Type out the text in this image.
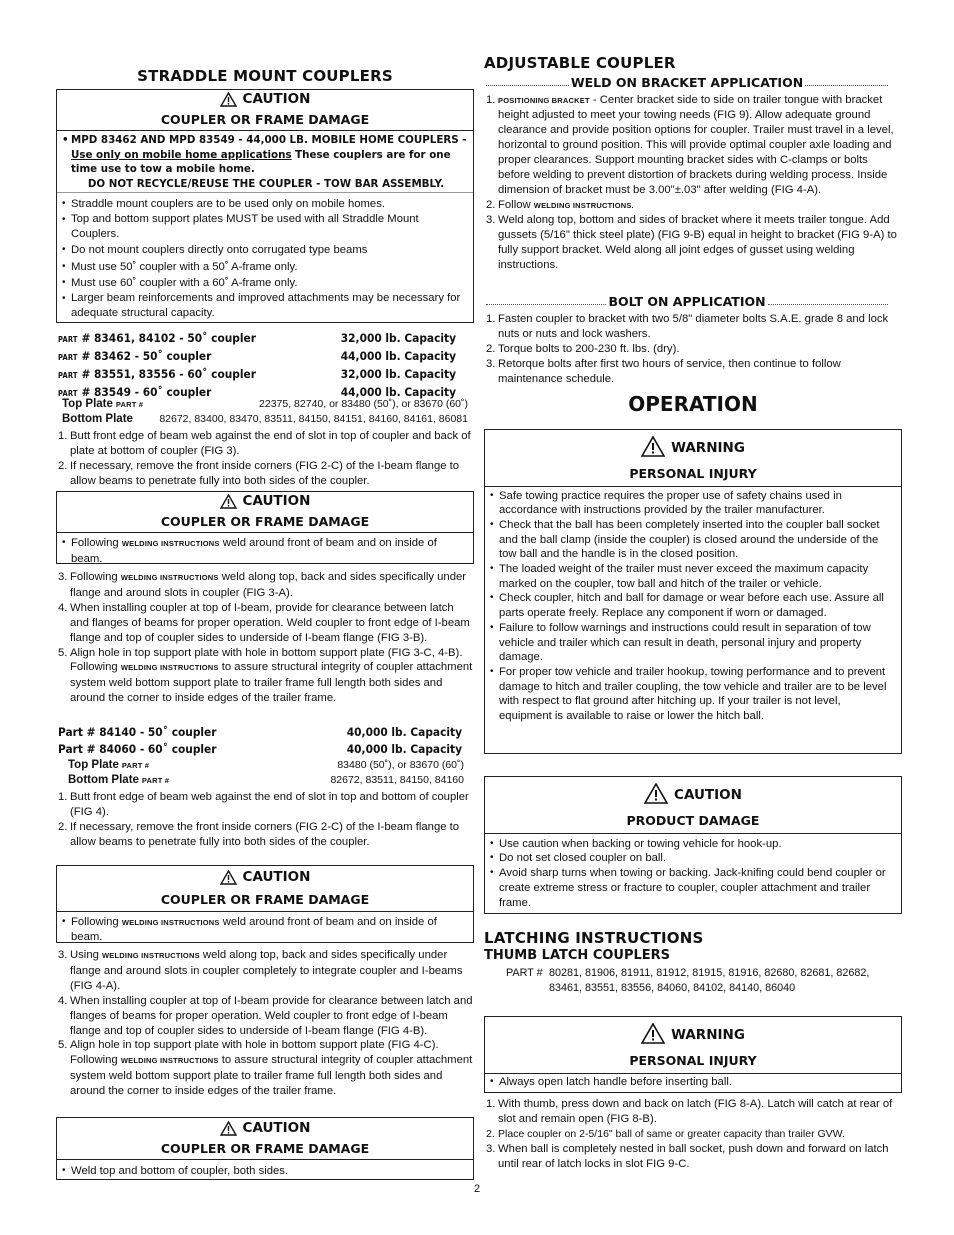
STRADDLE MOUNT COUPLERS
CAUTION

COUPLER OR FRAME DAMAGE
• MPD 83462 AND MPD 83549 - 44,000 LB. MOBILE HOME COUPLERS -
Use only on mobile home applications These couplers are for one time use to tow a mobile home.
DO NOT RECYCLE/REUSE THE COUPLER - TOW BAR ASSEMBLY.
• Straddle mount couplers are to be used only on mobile homes.
• Top and bottom support plates MUST be used with all Straddle Mount Couplers.
• Do not mount couplers directly onto corrugated type beams
• Must use 50˚ coupler with a 50˚ A-frame only.
• Must use 60˚ coupler with a 60˚ A-frame only.
• Larger beam reinforcements and improved attachments may be necessary for adequate structural capacity.
PART # 83461, 84102 - 50˚ coupler	32,000 lb. Capacity
PART # 83462 - 50˚ coupler	44,000 lb. Capacity
PART # 83551, 83556 - 60˚ coupler	32,000 lb. Capacity
PART # 83549 - 60˚ coupler	44,000 lb. Capacity
Top Plate PART #	22375, 82740, or 83480 (50˚), or 83670 (60˚)
Bottom Plate	82672, 83400, 83470, 83511, 84150, 84151, 84160, 84161, 86081
1. Butt front edge of beam web against the end of slot in top of coupler and back of plate at bottom of coupler (FIG 3).
2. If necessary, remove the front inside corners (FIG 2-C) of the I-beam flange to allow beams to penetrate fully into both sides of the coupler.
CAUTION

COUPLER OR FRAME DAMAGE
• Following WELDING INSTRUCTIONS weld around front of beam and on inside of beam.
3. Following WELDING INSTRUCTIONS weld along top, back and sides specifically under flange and around slots in coupler (FIG 3-A).
4. When installing coupler at top of I-beam, provide for clearance between latch and flanges of beams for proper operation. Weld coupler to front edge of I-beam flange and top of coupler sides to underside of I-beam flange (FIG 3-B).
5. Align hole in top support plate with hole in bottom support plate (FIG 3-C, 4-B). Following WELDING INSTRUCTIONS to assure structural integrity of coupler attachment system weld bottom support plate to trailer frame full length both sides and around the corner to inside edges of the trailer frame.
Part # 84140 - 50˚ coupler	40,000 lb. Capacity
Part # 84060 - 60˚ coupler	40,000 lb. Capacity
Top Plate PART #	83480 (50˚), or 83670 (60˚)
Bottom Plate PART #	82672, 83511, 84150, 84160
1. Butt front edge of beam web against the end of slot in top and bottom of coupler (FIG 4).
2. If necessary, remove the front inside corners (FIG 2-C) of the I-beam flange to allow beams to penetrate fully into both sides of the coupler.
CAUTION

COUPLER OR FRAME DAMAGE
• Following WELDING INSTRUCTIONS weld around front of beam and on inside of beam.
3. Using WELDING INSTRUCTIONS weld along top, back and sides specifically under flange and around slots in coupler completely to integrate coupler and I-beams (FIG 4-A).
4. When installing coupler at top of I-beam provide for clearance between latch and flanges of beams for proper operation. Weld coupler to front edge of I-beam flange and top of coupler sides to underside of I-beam flange (FIG 4-B).
5. Align hole in top support plate with hole in bottom support plate (FIG 4-C). Following WELDING INSTRUCTIONS to assure structural integrity of coupler attachment system weld bottom support plate to trailer frame full length both sides and around the corner to inside edges of the trailer frame.
CAUTION

COUPLER OR FRAME DAMAGE
• Weld top and bottom of coupler, both sides.
ADJUSTABLE COUPLER
WELD ON BRACKET APPLICATION
1. POSITIONING BRACKET - Center bracket side to side on trailer tongue with bracket height adjusted to meet your towing needs (FIG 9). Allow adequate ground clearance and provide position options for coupler. Trailer must travel in a level, horizontal to ground position. This will provide optimal coupler axle loading and proper clearances. Support mounting bracket sides with C-clamps or bolts before welding to prevent distortion of brackets during welding process. Inside dimension of bracket must be 3.00"±.03" after welding (FIG 4-A).
2. Follow WELDING INSTRUCTIONS.
3. Weld along top, bottom and sides of bracket where it meets trailer tongue. Add gussets (5/16" thick steel plate) (FIG 9-B) equal in height to bracket (FIG 9-A) to fully support bracket. Weld along all joint edges of gusset using welding instructions.
BOLT ON APPLICATION
1. Fasten coupler to bracket with two 5/8" diameter bolts S.A.E. grade 8 and lock nuts or nuts and lock washers.
2. Torque bolts to 200-230 ft. lbs. (dry).
3. Retorque bolts after first two hours of service, then continue to follow maintenance schedule.
OPERATION
WARNING

PERSONAL INJURY
• Safe towing practice requires the proper use of safety chains used in accordance with instructions provided by the trailer manufacturer.
• Check that the ball has been completely inserted into the coupler ball socket and the ball clamp (inside the coupler) is closed around the underside of the tow ball and the handle is in the closed position.
• The loaded weight of the trailer must never exceed the maximum capacity marked on the coupler, tow ball and hitch of the trailer or vehicle.
• Check coupler, hitch and ball for damage or wear before each use. Assure all parts operate freely. Replace any component if worn or damaged.
• Failure to follow warnings and instructions could result in separation of tow vehicle and trailer which can result in death, personal injury and property damage.
• For proper tow vehicle and trailer hookup, towing performance and to prevent damage to hitch and trailer coupling, the tow vehicle and trailer are to be level with respect to flat ground after hitching up. If your trailer is not level, equipment is available to raise or lower the hitch ball.
CAUTION

PRODUCT DAMAGE
• Use caution when backing or towing vehicle for hook-up.
• Do not set closed coupler on ball.
• Avoid sharp turns when towing or backing. Jack-knifing could bend coupler or create extreme stress or fracture to coupler, coupler attachment and trailer frame.
LATCHING INSTRUCTIONS
THUMB LATCH COUPLERS
PART # 80281, 81906, 81911, 81912, 81915, 81916, 82680, 82681, 82682, 83461, 83551, 83556, 84060, 84102, 84140, 86040
WARNING

PERSONAL INJURY
• Always open latch handle before inserting ball.
1. With thumb, press down and back on latch (FIG 8-A). Latch will catch at rear of slot and remain open (FIG 8-B).
2. Place coupler on 2-5/16" ball of same or greater capacity than trailer GVW.
3. When ball is completely nested in ball socket, push down and forward on latch until rear of latch locks in slot FIG 9-C.
2
